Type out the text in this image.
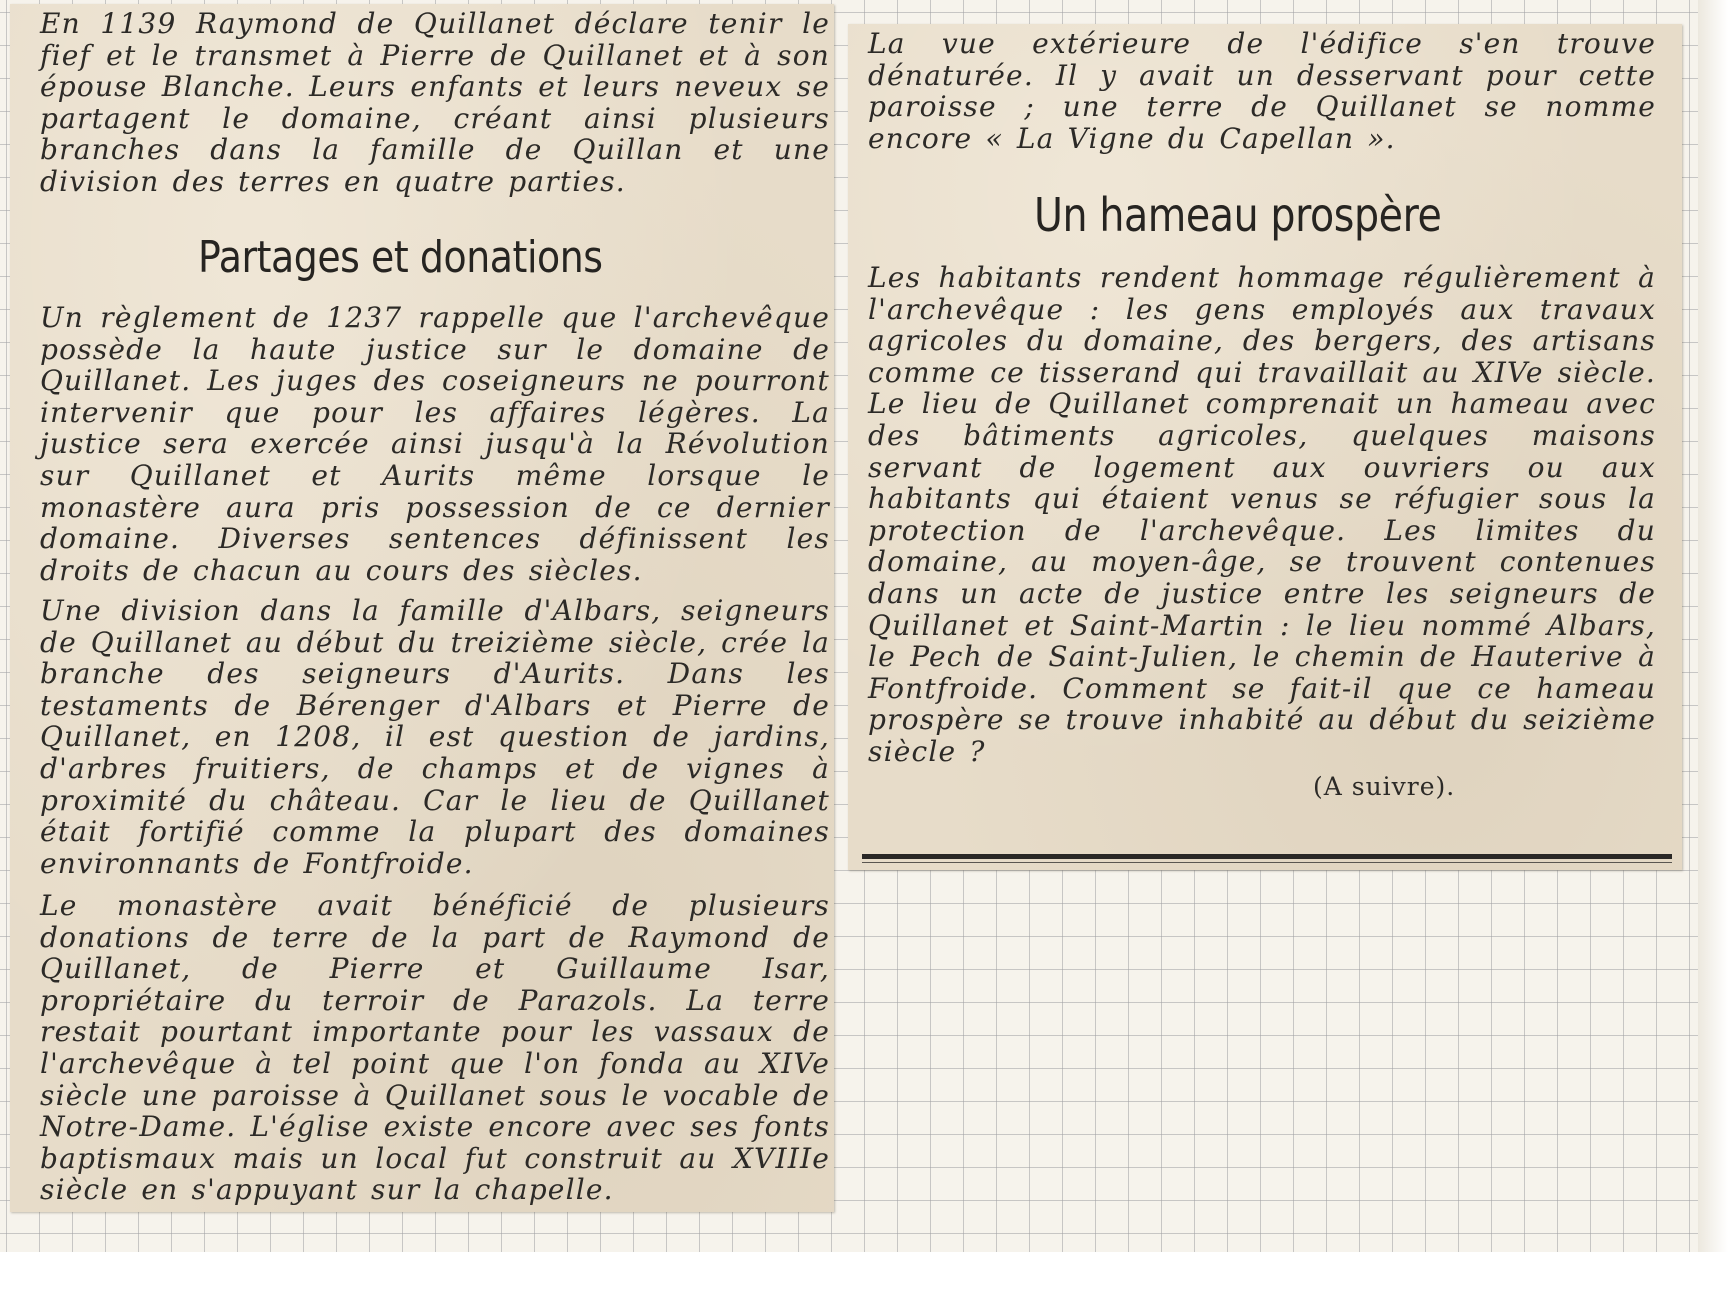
En 1139 Raymond de Quillanet déclare tenir le fief et le transmet à Pierre de Quillanet et à son épouse Blanche. Leurs enfants et leurs neveux se partagent le domaine, créant ainsi plusieurs branches dans la famille de Quillan et une division des terres en quatre parties.

Partages et donations

Un règlement de 1237 rappelle que l'archevêque possède la haute justice sur le domaine de Quillanet. Les juges des coseigneurs ne pourront intervenir que pour les affaires légères. La justice sera exercée ainsi jusqu'à la Révolution sur Quillanet et Aurits même lorsque le monastère aura pris possession de ce dernier domaine. Diverses sentences définissent les droits de chacun au cours des siècles.

Une division dans la famille d'Albars, seigneurs de Quillanet au début du treizième siècle, crée la branche des seigneurs d'Aurits. Dans les testaments de Bérenger d'Albars et Pierre de Quillanet, en 1208, il est question de jardins, d'arbres fruitiers, de champs et de vignes à proximité du château. Car le lieu de Quillanet était fortifié comme la plupart des domaines environnants de Fontfroide.

Le monastère avait bénéficié de plusieurs donations de terre de la part de Raymond de Quillanet, de Pierre et Guillaume Isar, propriétaire du terroir de Parazols. La terre restait pourtant importante pour les vassaux de l'archevêque à tel point que l'on fonda au XIVe siècle une paroisse à Quillanet sous le vocable de Notre-Dame. L'église existe encore avec ses fonts baptismaux mais un local fut construit au XVIIIe siècle en s'appuyant sur la chapelle.

La vue extérieure de l'édifice s'en trouve dénaturée. Il y avait un desservant pour cette paroisse ; une terre de Quillanet se nomme encore « La Vigne du Capellan ».

Un hameau prospère

Les habitants rendent hommage régulièrement à l'archevêque : les gens employés aux travaux agricoles du domaine, des bergers, des artisans comme ce tisserand qui travaillait au XIVe siècle. Le lieu de Quillanet comprenait un hameau avec des bâtiments agricoles, quelques maisons servant de logement aux ouvriers ou aux habitants qui étaient venus se réfugier sous la protection de l'archevêque. Les limites du domaine, au moyen-âge, se trouvent contenues dans un acte de justice entre les seigneurs de Quillanet et Saint-Martin : le lieu nommé Albars, le Pech de Saint-Julien, le chemin de Hauterive à Fontfroide. Comment se fait-il que ce hameau prospère se trouve inhabité au début du seizième siècle ?

(A suivre).
